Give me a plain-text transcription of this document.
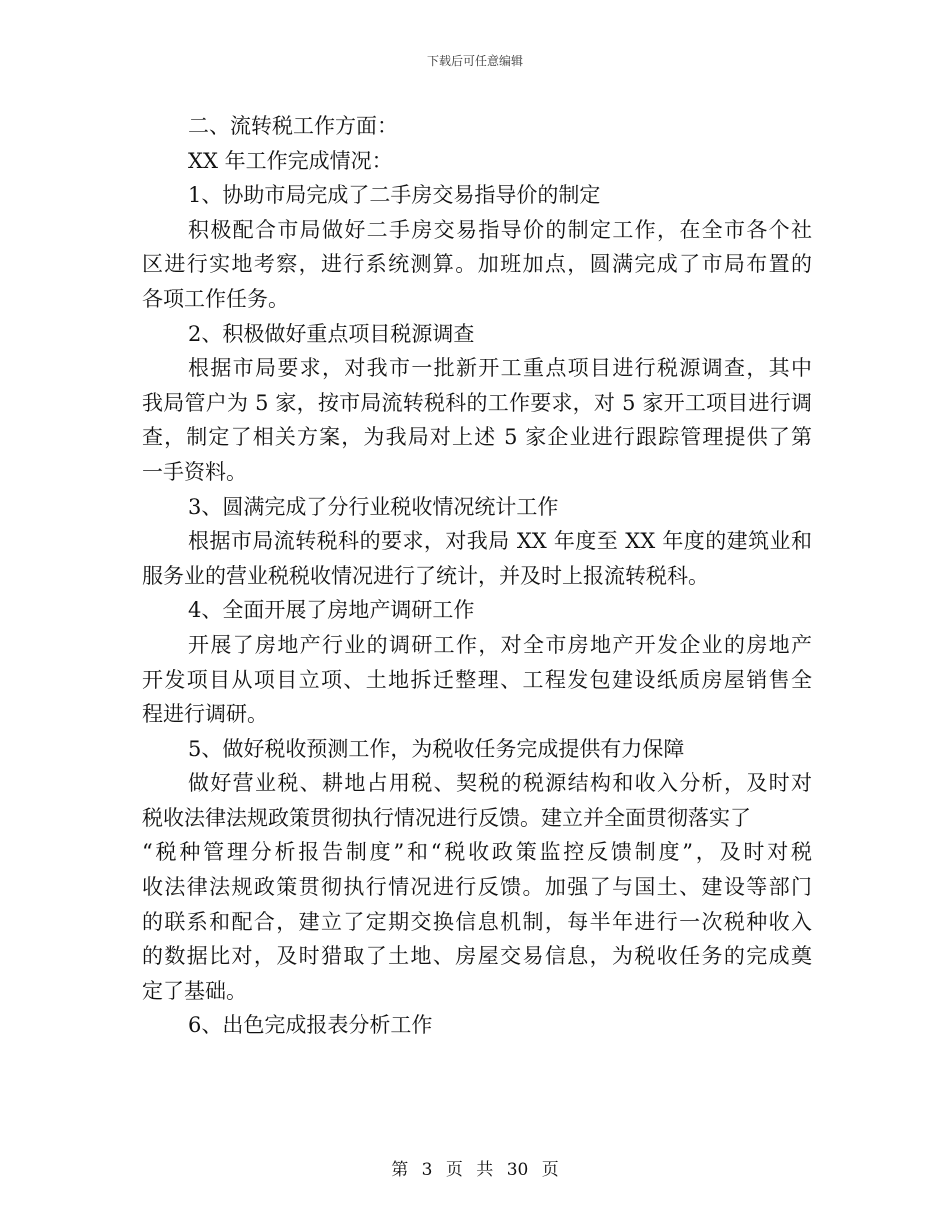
下载后可任意编辑
二、流转税工作方面：
XX 年工作完成情况：
1、协助市局完成了二手房交易指导价的制定
积极配合市局做好二手房交易指导价的制定工作，在全市各个社
区进行实地考察，进行系统测算。加班加点，圆满完成了市局布置的
各项工作任务。
2、积极做好重点项目税源调查
根据市局要求，对我市一批新开工重点项目进行税源调查，其中
我局管户为 5 家，按市局流转税科的工作要求，对 5 家开工项目进行调
查，制定了相关方案，为我局对上述 5 家企业进行跟踪管理提供了第
一手资料。
3、圆满完成了分行业税收情况统计工作
根据市局流转税科的要求，对我局 XX 年度至 XX 年度的建筑业和
服务业的营业税税收情况进行了统计，并及时上报流转税科。
4、全面开展了房地产调研工作
开展了房地产行业的调研工作，对全市房地产开发企业的房地产
开发项目从项目立项、土地拆迁整理、工程发包建设纸质房屋销售全
程进行调研。
5、做好税收预测工作，为税收任务完成提供有力保障
做好营业税、耕地占用税、契税的税源结构和收入分析，及时对
税收法律法规政策贯彻执行情况进行反馈。建立并全面贯彻落实了
“税种管理分析报告制度”和“税收政策监控反馈制度”，及时对税
收法律法规政策贯彻执行情况进行反馈。加强了与国土、建设等部门
的联系和配合，建立了定期交换信息机制，每半年进行一次税种收入
的数据比对，及时猎取了土地、房屋交易信息，为税收任务的完成奠
定了基础。
6、出色完成报表分析工作
第 3 页 共 30 页
